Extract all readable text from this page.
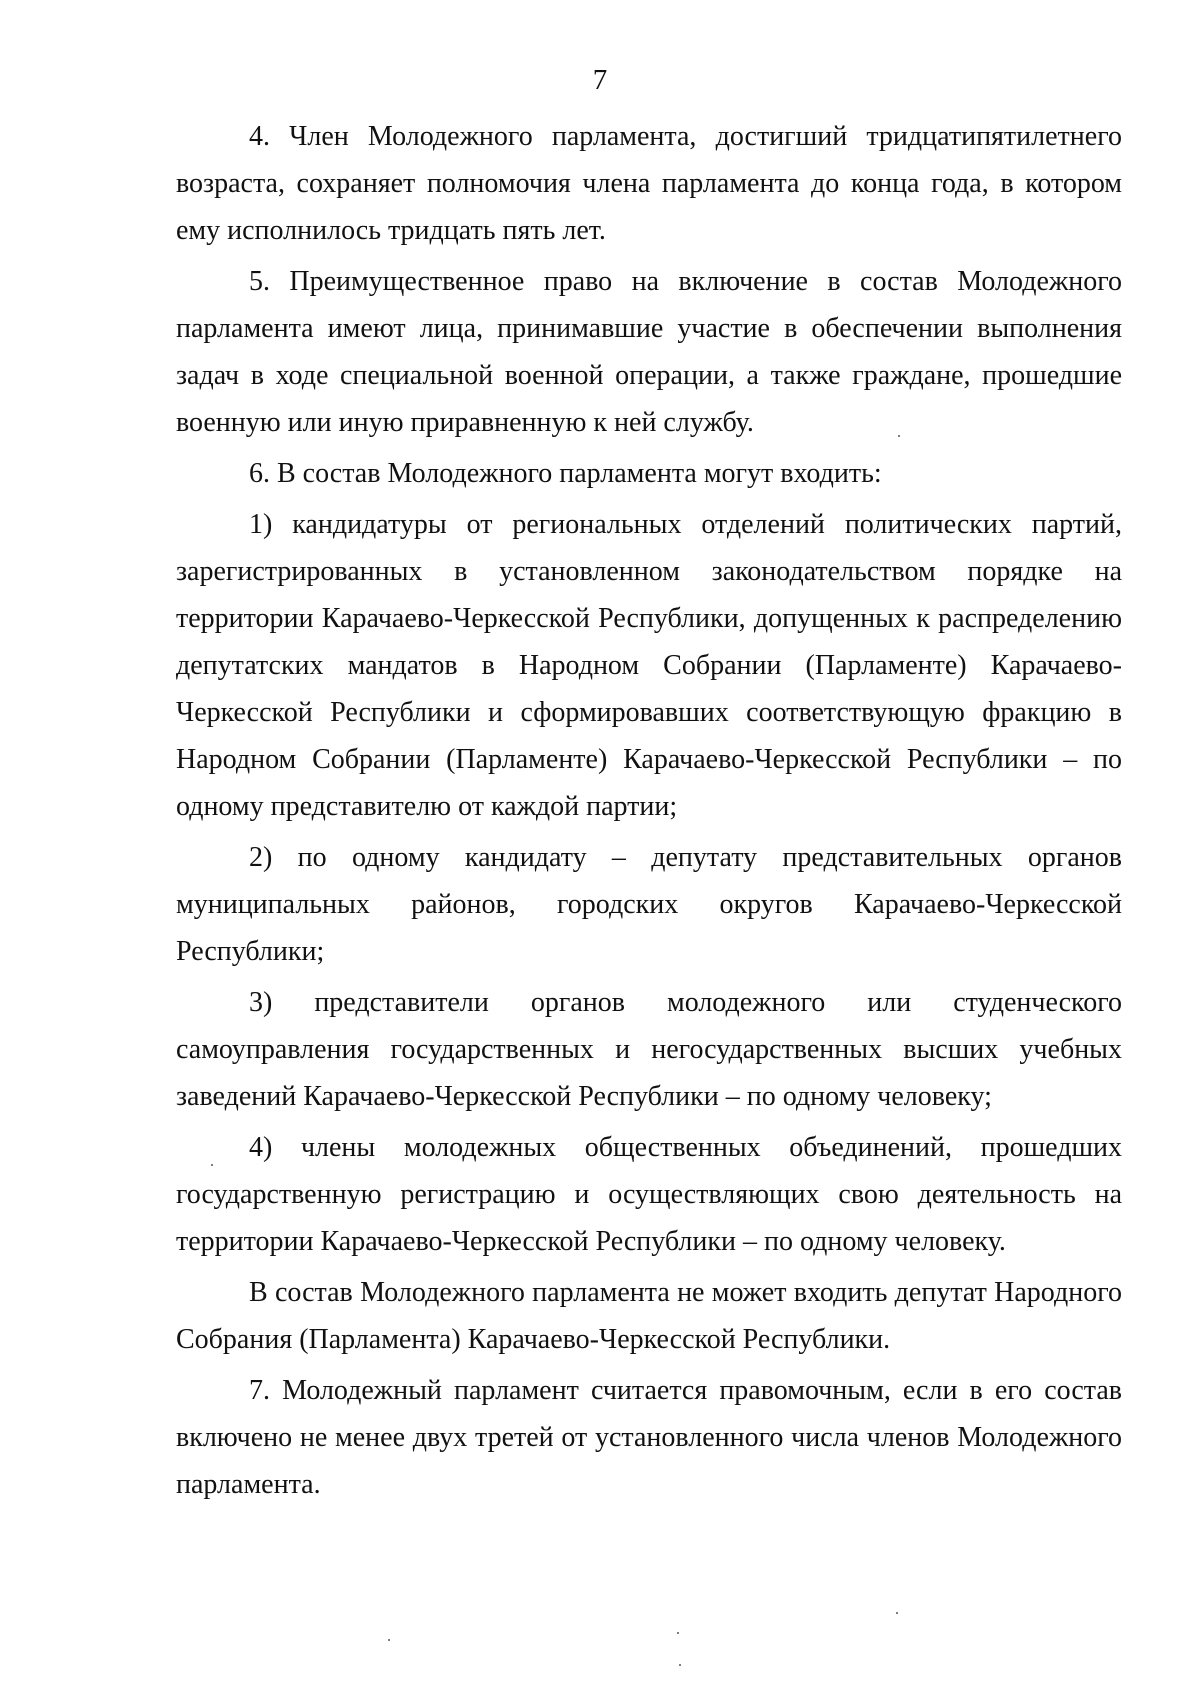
7

4. Член Молодежного парламента, достигший тридцатипятилетнего возраста, сохраняет полномочия члена парламента до конца года, в котором ему исполнилось тридцать пять лет.

5. Преимущественное право на включение в состав Молодежного парламента имеют лица, принимавшие участие в обеспечении выполнения задач в ходе специальной военной операции, а также граждане, прошедшие военную или иную приравненную к ней службу.

6. В состав Молодежного парламента могут входить:

1) кандидатуры от региональных отделений политических партий, зарегистрированных в установленном законодательством порядке на территории Карачаево-Черкесской Республики, допущенных к распределению депутатских мандатов в Народном Собрании (Парламенте) Карачаево-Черкесской Республики и сформировавших соответствующую фракцию в Народном Собрании (Парламенте) Карачаево-Черкесской Республики – по одному представителю от каждой партии;

2) по одному кандидату – депутату представительных органов муниципальных районов, городских округов Карачаево-Черкесской Республики;

3) представители органов молодежного или студенческого самоуправления государственных и негосударственных высших учебных заведений Карачаево-Черкесской Республики – по одному человеку;

4) члены молодежных общественных объединений, прошедших государственную регистрацию и осуществляющих свою деятельность на территории Карачаево-Черкесской Республики – по одному человеку.

В состав Молодежного парламента не может входить депутат Народного Собрания (Парламента) Карачаево-Черкесской Республики.

7. Молодежный парламент считается правомочным, если в его состав включено не менее двух третей от установленного числа членов Молодежного парламента.
